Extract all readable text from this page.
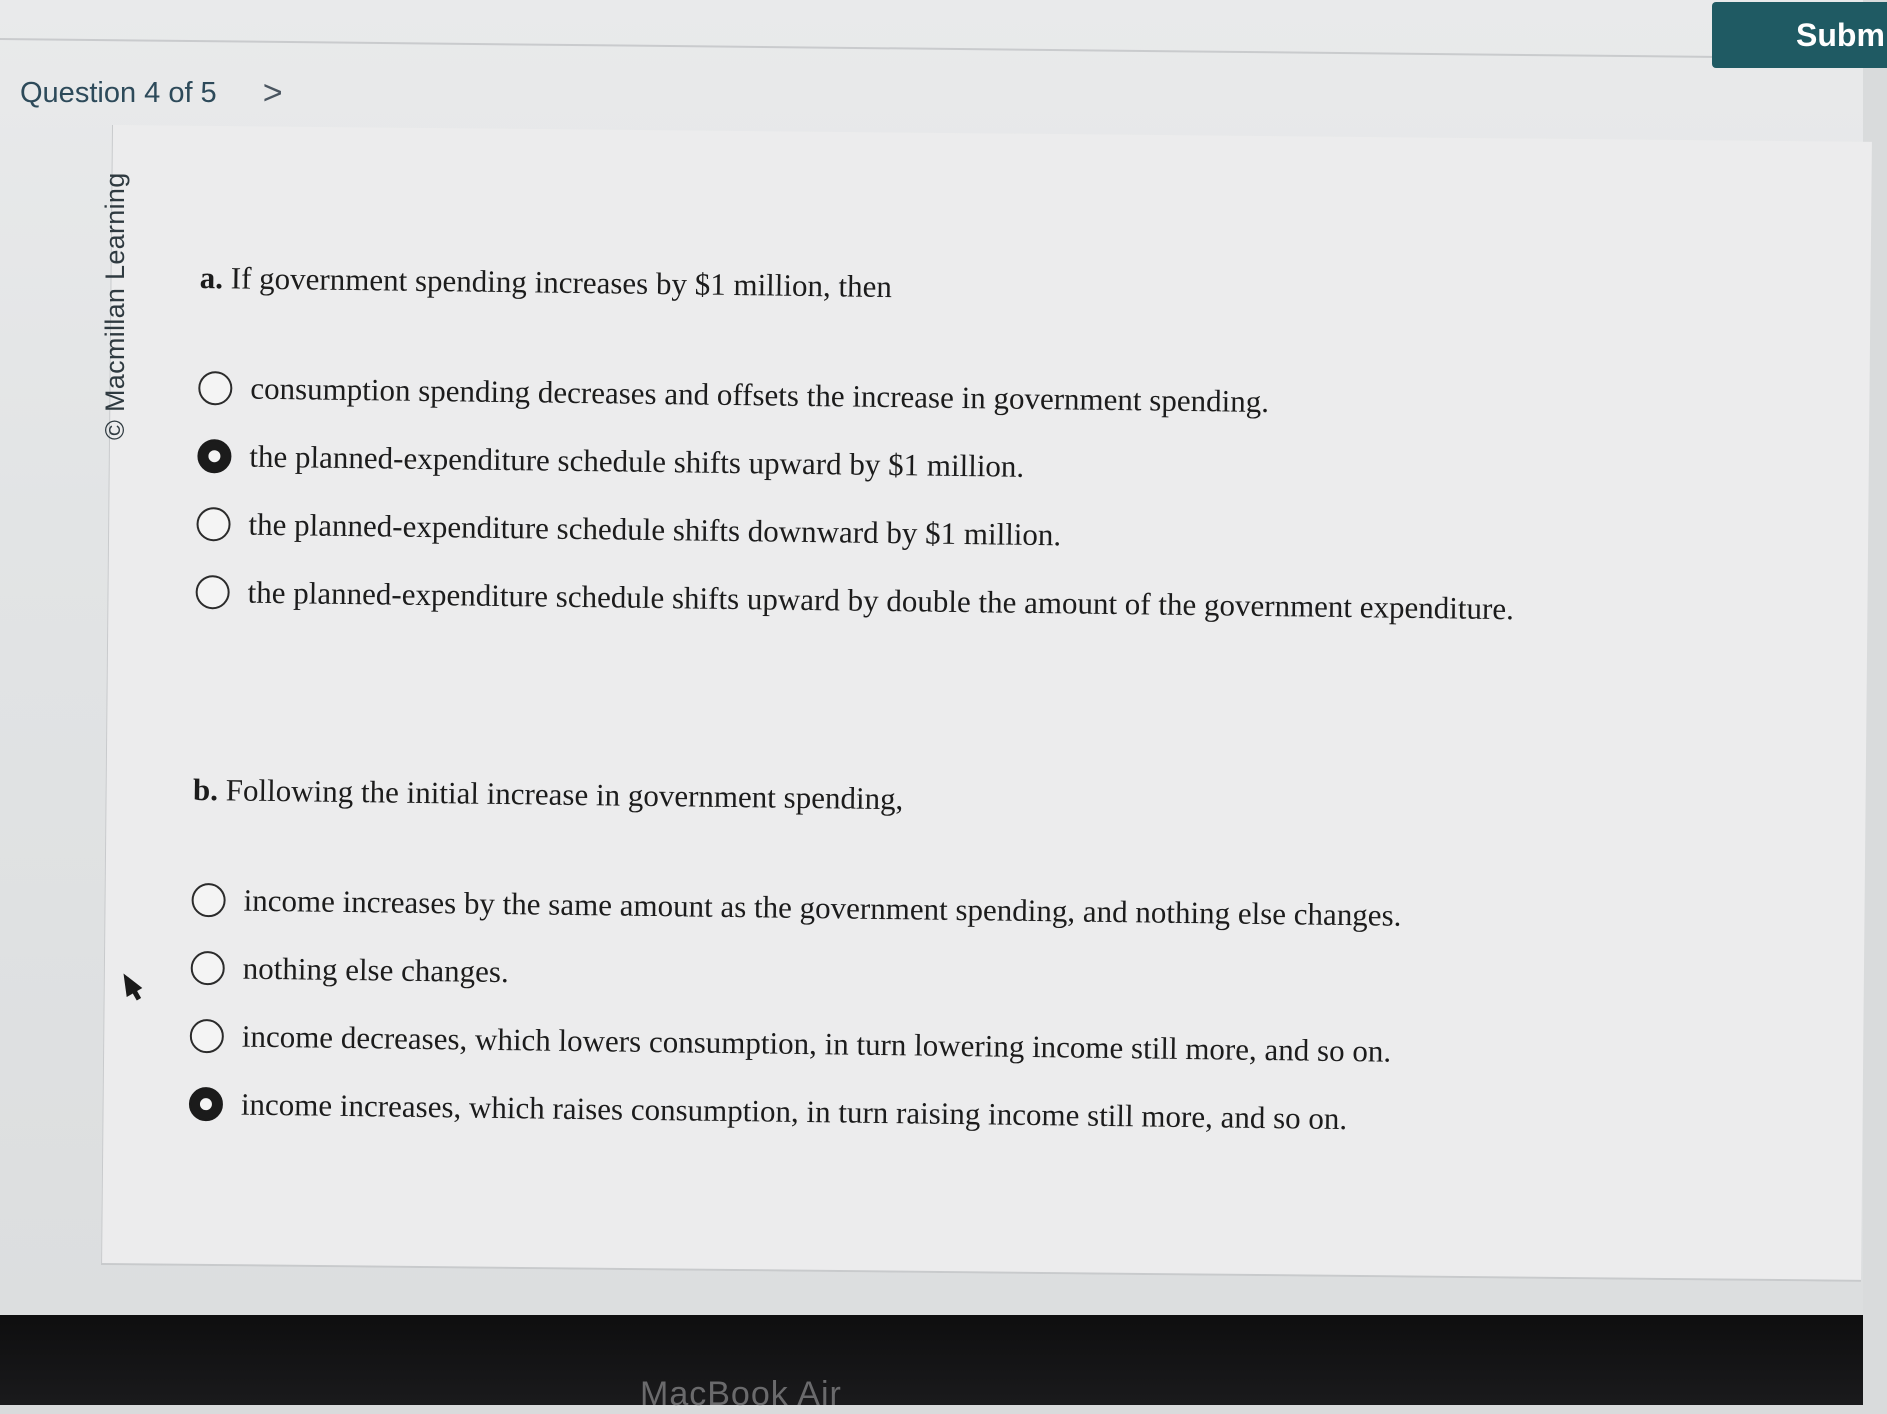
Question 4 of 5 >
Subm
© Macmillan Learning a. If government spending increases by $1 million, then

consumption spending decreases and offsets the increase in government spending.
the planned-expenditure schedule shifts upward by $1 million.
the planned-expenditure schedule shifts downward by $1 million.
the planned-expenditure schedule shifts upward by double the amount of the government expenditure.

b. Following the initial increase in government spending,

income increases by the same amount as the government spending, and nothing else changes.
nothing else changes.
income decreases, which lowers consumption, in turn lowering income still more, and so on.
income increases, which raises consumption, in turn raising income still more, and so on.
MacBook Air
